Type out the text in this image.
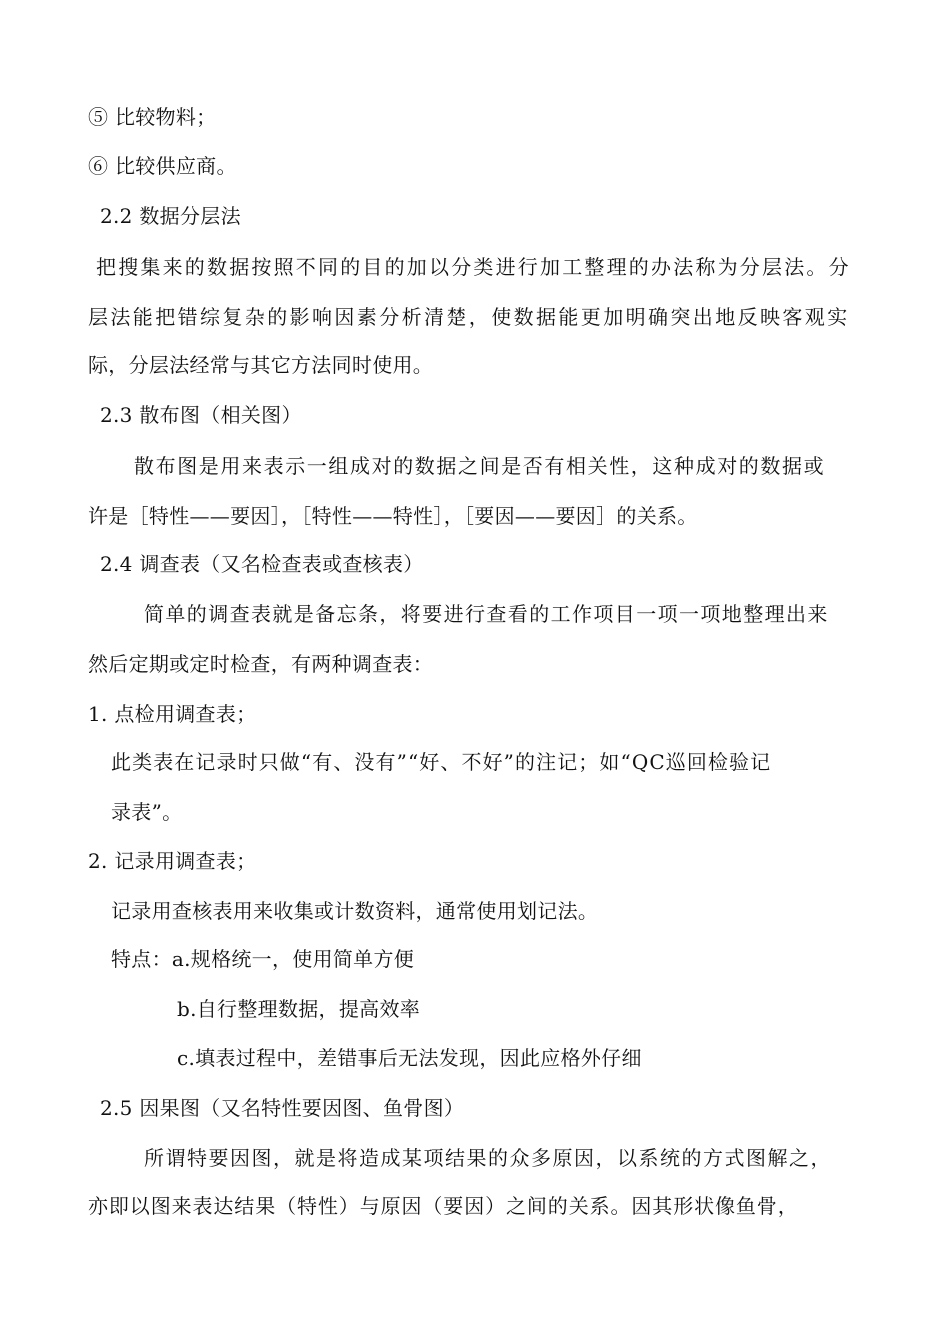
⑤ 比较物料；
⑥ 比较供应商。
2.2 数据分层法
把搜集来的数据按照不同的目的加以分类进行加工整理的办法称为分层法。分
层法能把错综复杂的影响因素分析清楚，使数据能更加明确突出地反映客观实
际，分层法经常与其它方法同时使用。
2.3 散布图（相关图）
散布图是用来表示一组成对的数据之间是否有相关性，这种成对的数据或
许是［特性——要因］，［特性——特性］，［要因——要因］的关系。
2.4 调查表（又名检查表或查核表）
简单的调查表就是备忘条，将要进行查看的工作项目一项一项地整理出来
然后定期或定时检查，有两种调查表：
1. 点检用调查表；
此类表在记录时只做“有、没有”“好、不好”的注记；如“QC巡回检验记
录表”。
2. 记录用调查表；
记录用查核表用来收集或计数资料，通常使用划记法。
特点：a.规格统一，使用简单方便
b.自行整理数据，提高效率
c.填表过程中，差错事后无法发现，因此应格外仔细
2.5 因果图（又名特性要因图、鱼骨图）
所谓特要因图，就是将造成某项结果的众多原因，以系统的方式图解之，
亦即以图来表达结果（特性）与原因（要因）之间的关系。因其形状像鱼骨，
